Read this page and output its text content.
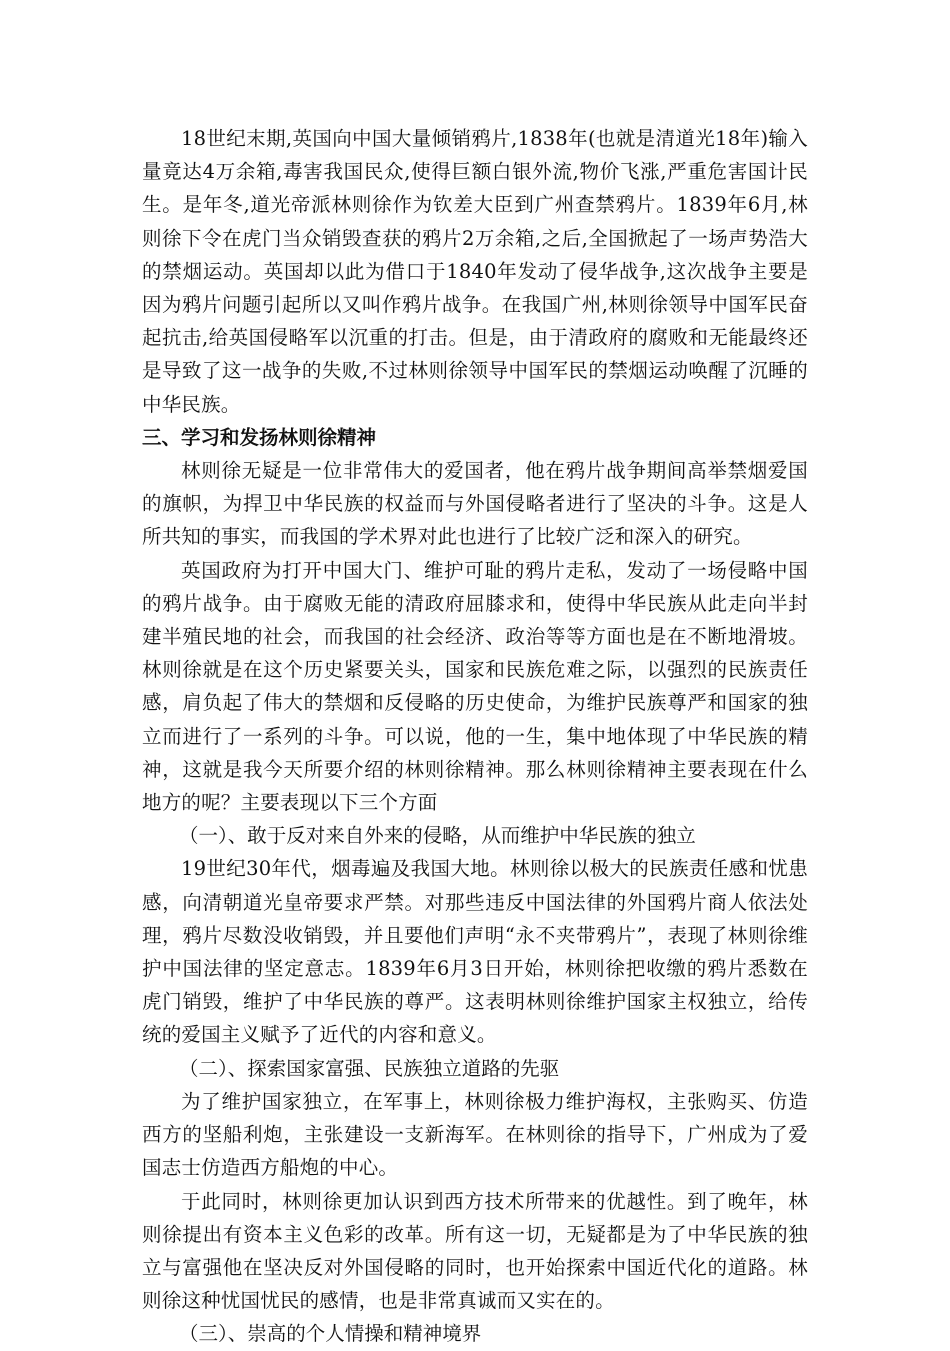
18世纪末期,英国向中国大量倾销鸦片,1838年(也就是清道光18年)输入量竟达4万余箱,毒害我国民众,使得巨额白银外流,物价飞涨,严重危害国计民生。是年冬,道光帝派林则徐作为钦差大臣到广州查禁鸦片。1839年6月,林则徐下令在虎门当众销毁查获的鸦片2万余箱,之后,全国掀起了一场声势浩大的禁烟运动。英国却以此为借口于1840年发动了侵华战争,这次战争主要是因为鸦片问题引起所以又叫作鸦片战争。在我国广州,林则徐领导中国军民奋起抗击,给英国侵略军以沉重的打击。但是，由于清政府的腐败和无能最终还是导致了这一战争的失败,不过林则徐领导中国军民的禁烟运动唤醒了沉睡的中华民族。

三、学习和发扬林则徐精神

林则徐无疑是一位非常伟大的爱国者，他在鸦片战争期间高举禁烟爱国的旗帜，为捍卫中华民族的权益而与外国侵略者进行了坚决的斗争。这是人所共知的事实，而我国的学术界对此也进行了比较广泛和深入的研究。

英国政府为打开中国大门、维护可耻的鸦片走私，发动了一场侵略中国的鸦片战争。由于腐败无能的清政府屈膝求和，使得中华民族从此走向半封建半殖民地的社会，而我国的社会经济、政治等等方面也是在不断地滑坡。林则徐就是在这个历史紧要关头，国家和民族危难之际，以强烈的民族责任感，肩负起了伟大的禁烟和反侵略的历史使命，为维护民族尊严和国家的独立而进行了一系列的斗争。可以说，他的一生，集中地体现了中华民族的精神，这就是我今天所要介绍的林则徐精神。那么林则徐精神主要表现在什么地方的呢？主要表现以下三个方面

（一）、敢于反对来自外来的侵略，从而维护中华民族的独立

19世纪30年代，烟毒遍及我国大地。林则徐以极大的民族责任感和忧患感，向清朝道光皇帝要求严禁。对那些违反中国法律的外国鸦片商人依法处理，鸦片尽数没收销毁，并且要他们声明“永不夹带鸦片”，表现了林则徐维护中国法律的坚定意志。1839年6月3日开始，林则徐把收缴的鸦片悉数在虎门销毁，维护了中华民族的尊严。这表明林则徐维护国家主权独立，给传统的爱国主义赋予了近代的内容和意义。

（二）、探索国家富强、民族独立道路的先驱

为了维护国家独立，在军事上，林则徐极力维护海权，主张购买、仿造西方的坚船利炮，主张建设一支新海军。在林则徐的指导下，广州成为了爱国志士仿造西方船炮的中心。

于此同时，林则徐更加认识到西方技术所带来的优越性。到了晚年，林则徐提出有资本主义色彩的改革。所有这一切，无疑都是为了中华民族的独立与富强他在坚决反对外国侵略的同时，也开始探索中国近代化的道路。林则徐这种忧国忧民的感情，也是非常真诚而又实在的。

（三）、崇高的个人情操和精神境界
